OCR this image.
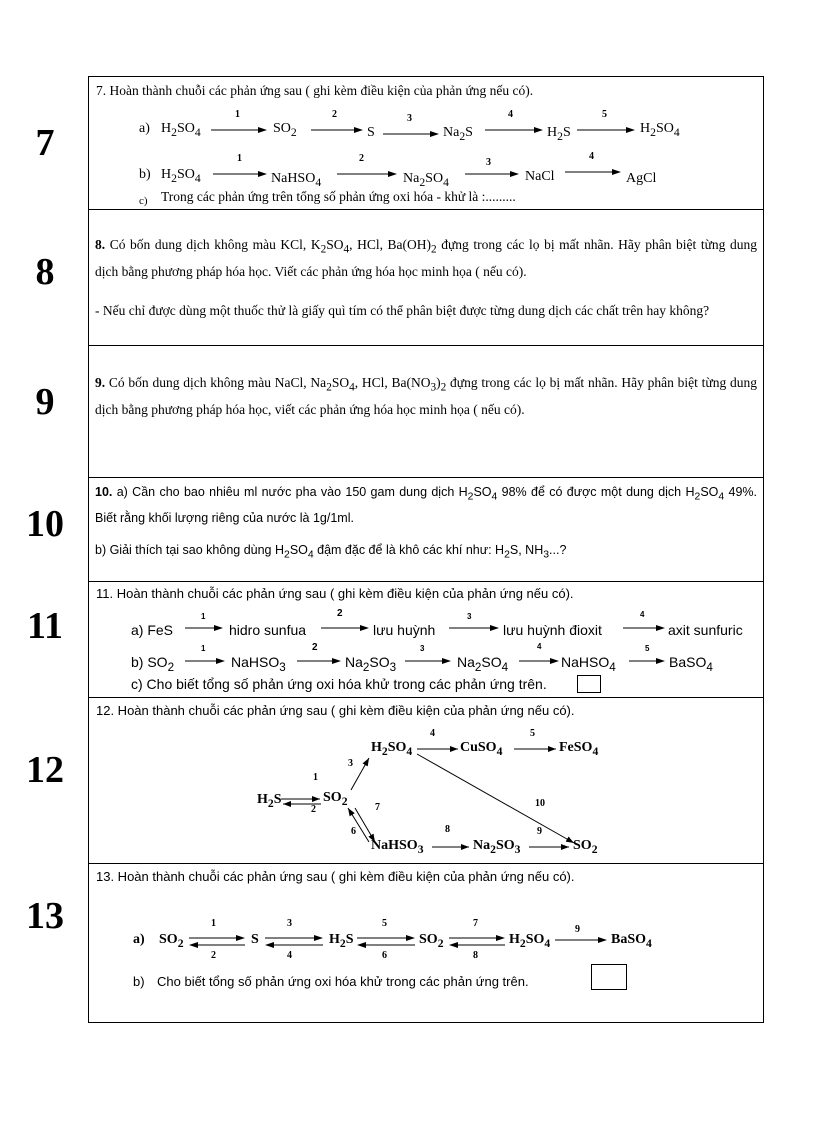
7
7. Hoàn thành chuỗi các phản ứng sau ( ghi kèm điều kiện của phản ứng nếu có).
a) $H_2SO_4$
1
$SO_2$
2
S
3
$Na_2S$
4
$H_2S$
5
$H_2SO_4$
b) $H_2SO_4$
1
NaHSO$_4$
2
$Na_2SO_4$
3
NaCl
4
AgCl
c) Trong các phản ứng trên tổng số phản ứng oxi hóa - khử là :.........
8
8. Có bốn dung dịch không màu KCl, $K_2SO_4$, HCl, $Ba(OH)_2$ đựng trong các lọ bị mất nhãn. Hãy phân biệt từng dung dịch bằng phương pháp hóa học. Viết các phản ứng hóa học minh họa ( nếu có).
- Nếu chỉ được dùng một thuốc thử là giấy quì tím có thể phân biệt được từng dung dịch các chất trên hay không?
9	9. Có bốn dung dịch không màu NaCl, $Na_2SO_4$, HCl, $Ba(NO_3)_2$ đựng trong các lọ bị mất nhãn. Hãy phân biệt từng dung dịch bằng phương pháp hóa học, viết các phản ứng hóa học minh họa ( nếu có).
10
10. a) Cần cho bao nhiêu ml nước pha vào 150 gam dung dịch $H_2SO_4$ 98% để có được một dung dịch $H_2SO_4$ 49%. Biết rằng khối lượng riêng của nước là 1g/1ml.
b) Giải thích tại sao không dùng $H_2SO_4$ đậm đặc để là khô các khí như: $H_2S$, $NH_3$...?
11
11. Hoàn thành chuỗi các phản ứng sau ( ghi kèm điều kiện của phản ứng nếu có).
a) FeS
1
hidro sunfua
2
lưu huỳnh
3
lưu huỳnh đioxit
4
axit sunfuric
b) $SO_2$
1
NaHSO$_3$
2
$Na_2SO_3$
3
$Na_2SO_4$
4
NaHSO$_4$
5
BaSO$_4$
c) Cho biết tổng số phản ứng oxi hóa khử trong các phản ứng trên.
12
12. Hoàn thành chuỗi các phản ứng sau ( ghi kèm điều kiện của phản ứng nếu có).
$H_2SO_4$	CuSO$_4$	FeSO$_4$
$H_2S$	$SO_2$
NaHSO$_3$	$Na_2SO_3$	$SO_2$
1
2
3
4	5
6
7
8	9
10
13
13. Hoàn thành chuỗi các phản ứng sau ( ghi kèm điều kiện của phản ứng nếu có).
a) $SO_2$ ⇌
1
2
S ⇌
3
4
$H_2S$ ⇌
5
6
$SO_2$ ⇌
7
8
$H_2SO_4$
9
BaSO$_4$
b) Cho biết tổng số phản ứng oxi hóa khử trong các phản ứng trên.
